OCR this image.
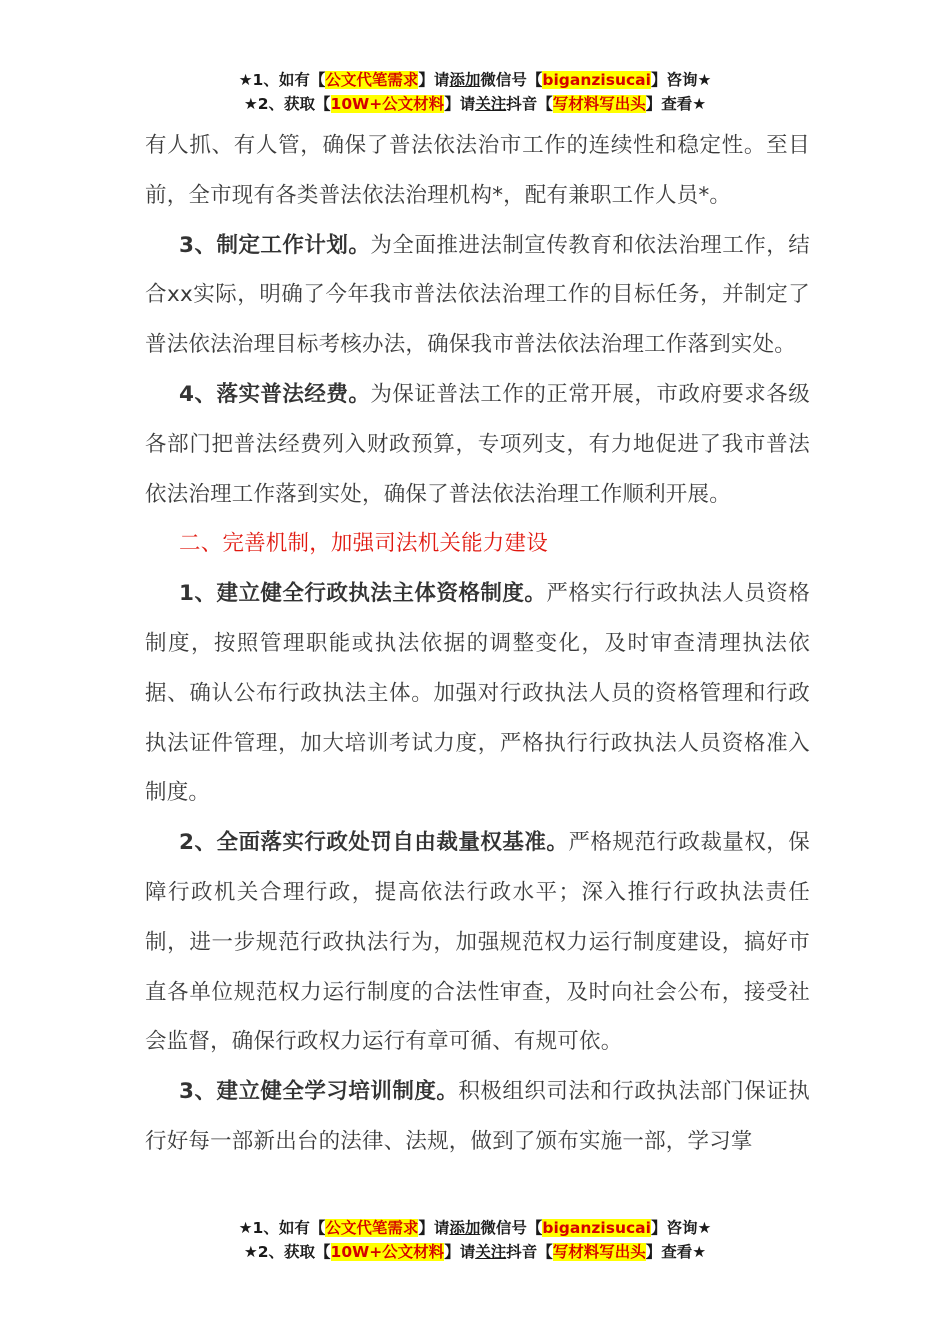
★1、如有【公文代笔需求】请添加微信号【biganzisucai】咨询★
★2、获取【10W+公文材料】请关注抖音【写材料写出头】查看★

有人抓、有人管，确保了普法依法治市工作的连续性和稳定性。至目前，全市现有各类普法依法治理机构*，配有兼职工作人员*。

3、制定工作计划。为全面推进法制宣传教育和依法治理工作，结合xx实际，明确了今年我市普法依法治理工作的目标任务，并制定了普法依法治理目标考核办法，确保我市普法依法治理工作落到实处。

4、落实普法经费。为保证普法工作的正常开展，市政府要求各级各部门把普法经费列入财政预算，专项列支，有力地促进了我市普法依法治理工作落到实处，确保了普法依法治理工作顺利开展。

二、完善机制，加强司法机关能力建设

1、建立健全行政执法主体资格制度。严格实行行政执法人员资格制度，按照管理职能或执法依据的调整变化，及时审查清理执法依据、确认公布行政执法主体。加强对行政执法人员的资格管理和行政执法证件管理，加大培训考试力度，严格执行行政执法人员资格准入制度。

2、全面落实行政处罚自由裁量权基准。严格规范行政裁量权，保障行政机关合理行政，提高依法行政水平；深入推行行政执法责任制，进一步规范行政执法行为，加强规范权力运行制度建设，搞好市直各单位规范权力运行制度的合法性审查，及时向社会公布，接受社会监督，确保行政权力运行有章可循、有规可依。

3、建立健全学习培训制度。积极组织司法和行政执法部门保证执行好每一部新出台的法律、法规，做到了颁布实施一部，学习掌

★1、如有【公文代笔需求】请添加微信号【biganzisucai】咨询★
★2、获取【10W+公文材料】请关注抖音【写材料写出头】查看★
